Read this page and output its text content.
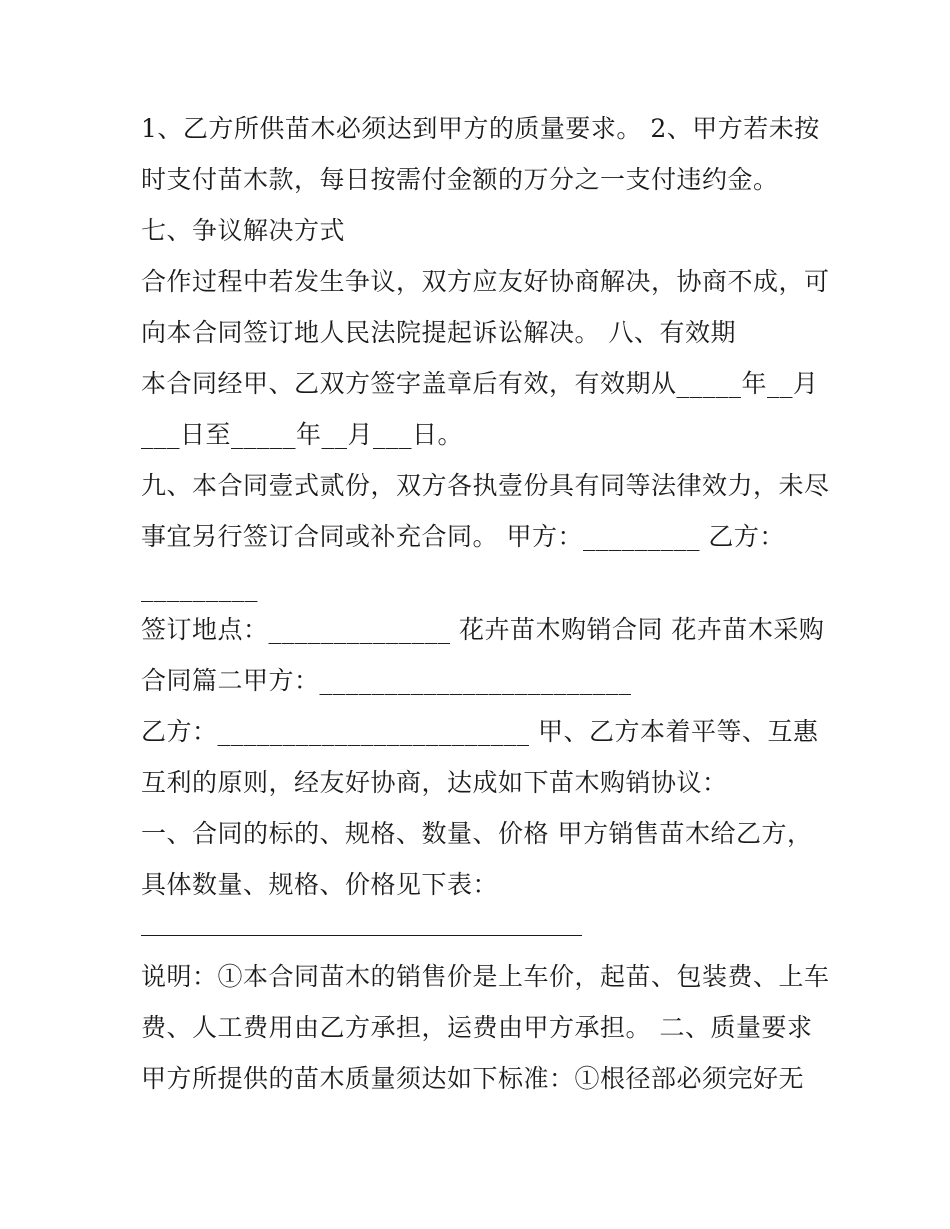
1、乙方所供苗木必须达到甲方的质量要求。 2、甲方若未按
时支付苗木款，每日按需付金额的万分之一支付违约金。
七、争议解决方式
合作过程中若发生争议，双方应友好协商解决，协商不成，可
向本合同签订地人民法院提起诉讼解决。 八、有效期
本合同经甲、乙双方签字盖章后有效，有效期从_____年__月
___日至_____年__月___日。
九、本合同壹式贰份，双方各执壹份具有同等法律效力，未尽
事宜另行签订合同或补充合同。 甲方：_________ 乙方：
_________
签订地点：______________ 花卉苗木购销合同 花卉苗木采购
合同篇二甲方：________________________
乙方：________________________ 甲、乙方本着平等、互惠
互利的原则，经友好协商，达成如下苗木购销协议：
一、合同的标的、规格、数量、价格 甲方销售苗木给乙方，
具体数量、规格、价格见下表：
说明：①本合同苗木的销售价是上车价，起苗、包装费、上车
费、人工费用由乙方承担，运费由甲方承担。 二、质量要求
甲方所提供的苗木质量须达如下标准：①根径部必须完好无
